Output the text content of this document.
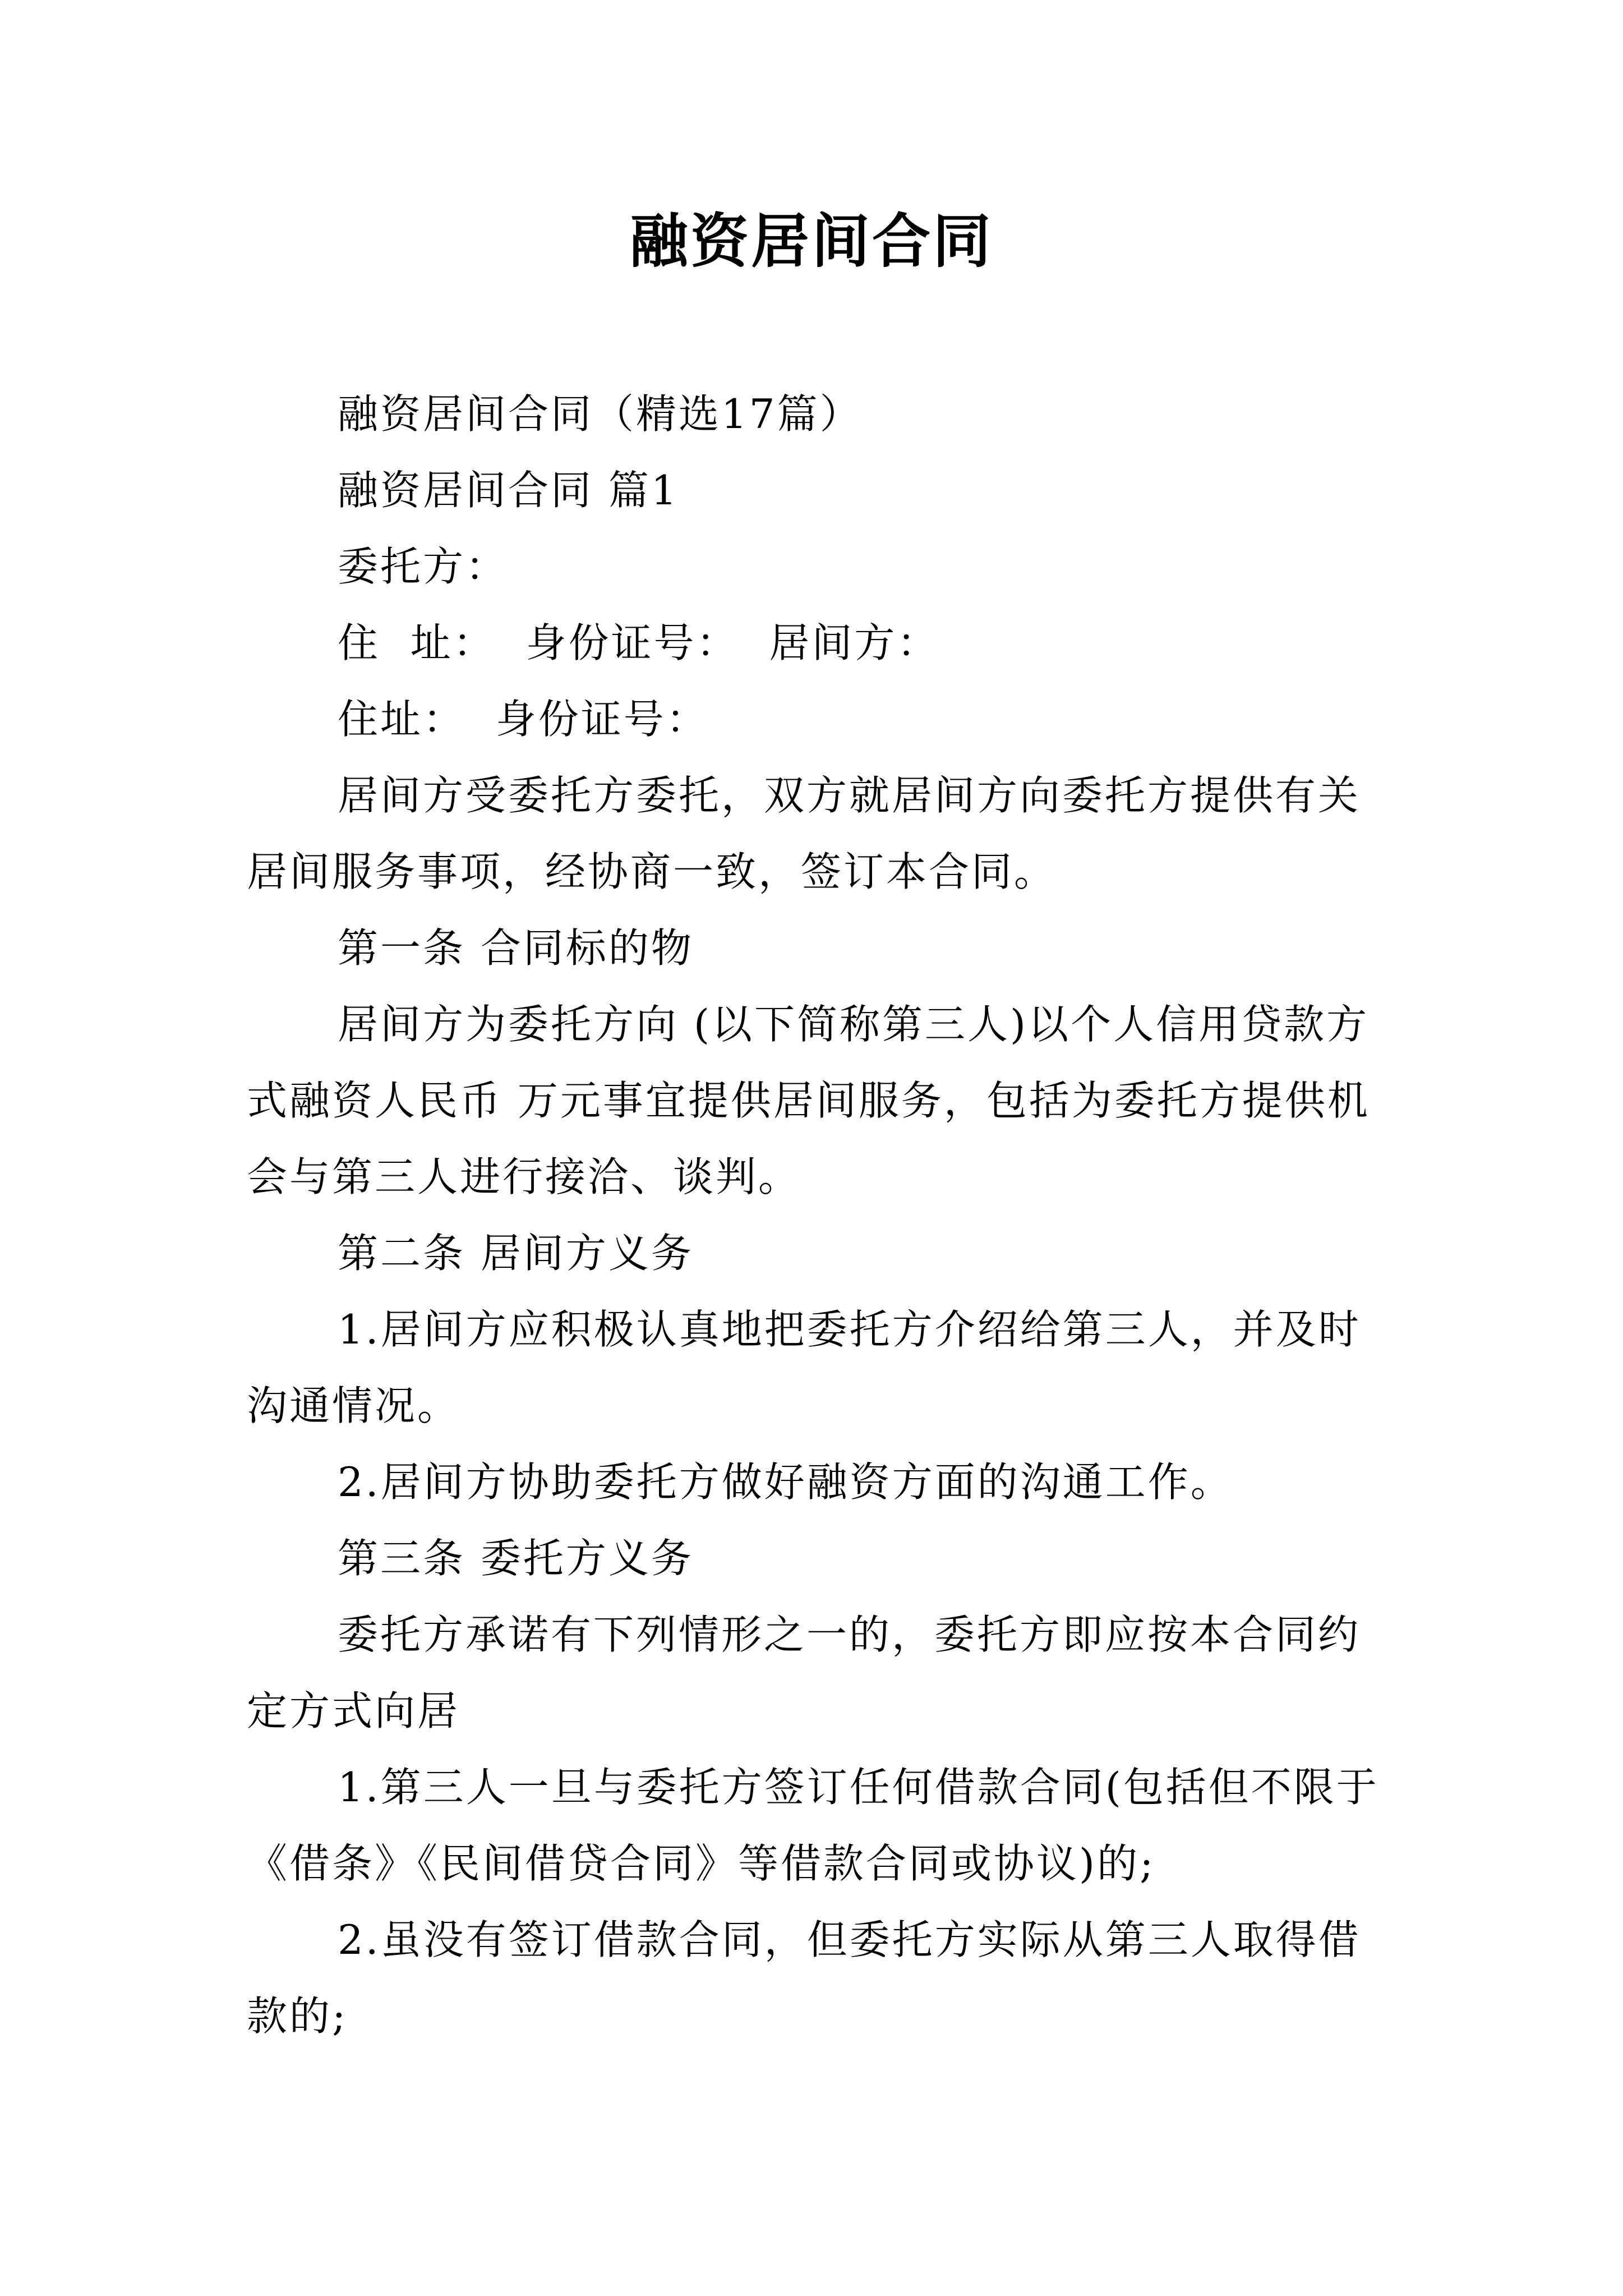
融资居间合同

融资居间合同（精选17篇）

融资居间合同 篇1

委托方：

住  址：  身份证号：  居间方：

住址：  身份证号：

居间方受委托方委托，双方就居间方向委托方提供有关居间服务事项，经协商一致，签订本合同。

第一条 合同标的物

居间方为委托方向 (以下简称第三人)以个人信用贷款方式融资人民币 万元事宜提供居间服务，包括为委托方提供机会与第三人进行接洽、谈判。

第二条 居间方义务

1.居间方应积极认真地把委托方介绍给第三人，并及时沟通情况。

2.居间方协助委托方做好融资方面的沟通工作。

第三条 委托方义务

委托方承诺有下列情形之一的，委托方即应按本合同约定方式向居

1.第三人一旦与委托方签订任何借款合同(包括但不限于《借条》《民间借贷合同》等借款合同或协议)的;

2.虽没有签订借款合同，但委托方实际从第三人取得借款的;
